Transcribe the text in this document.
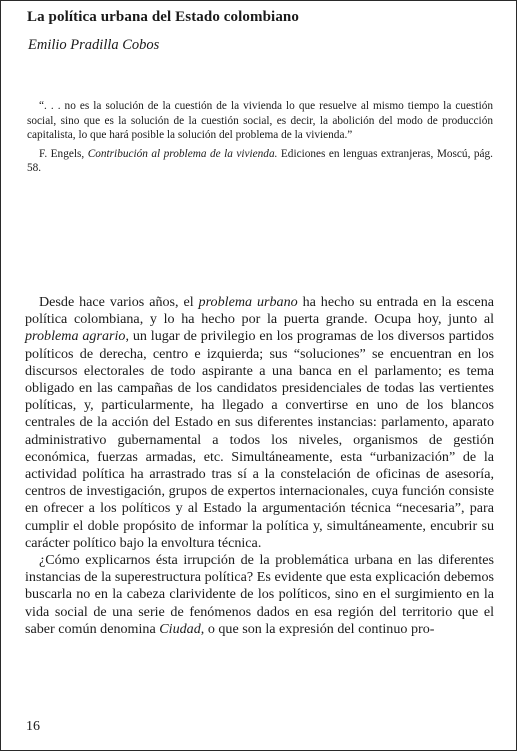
La política urbana del Estado colombiano
Emilio Pradilla Cobos

“. . . no es la solución de la cuestión de la vivienda lo que resuelve al mismo tiempo la cuestión social, sino que es la solución de la cuestión social, es decir, la abolición del modo de producción capitalista, lo que hará posible la solución del problema de la vivienda.”

F. Engels, Contribución al problema de la vivienda. Ediciones en lenguas extranjeras, Moscú, pág. 58.

Desde hace varios años, el problema urbano ha hecho su entrada en la escena política colombiana, y lo ha hecho por la puerta grande. Ocupa hoy, junto al problema agrario, un lugar de privilegio en los programas de los diversos partidos políticos de derecha, centro e izquierda; sus “soluciones” se encuentran en los discursos electorales de todo aspirante a una banca en el parlamento; es tema obligado en las campañas de los candidatos presidenciales de todas las vertientes políticas, y, particularmente, ha llegado a convertirse en uno de los blancos centrales de la acción del Estado en sus diferentes instancias: parlamento, aparato administrativo gubernamental a todos los niveles, organismos de gestión económica, fuerzas armadas, etc. Simultáneamente, esta “urbanización” de la actividad política ha arrastrado tras sí a la constelación de oficinas de asesoría, centros de investigación, grupos de expertos internacionales, cuya función consiste en ofrecer a los políticos y al Estado la argumentación técnica “necesaria”, para cumplir el doble propósito de informar la política y, simultáneamente, encubrir su carácter político bajo la envoltura técnica.

¿Cómo explicarnos ésta irrupción de la problemática urbana en las diferentes instancias de la superestructura política? Es evidente que esta explicación debemos buscarla no en la cabeza clarividente de los políticos, sino en el surgimiento en la vida social de una serie de fenómenos dados en esa región del territorio que el saber común denomina Ciudad, o que son la expresión del continuo pro-

16
